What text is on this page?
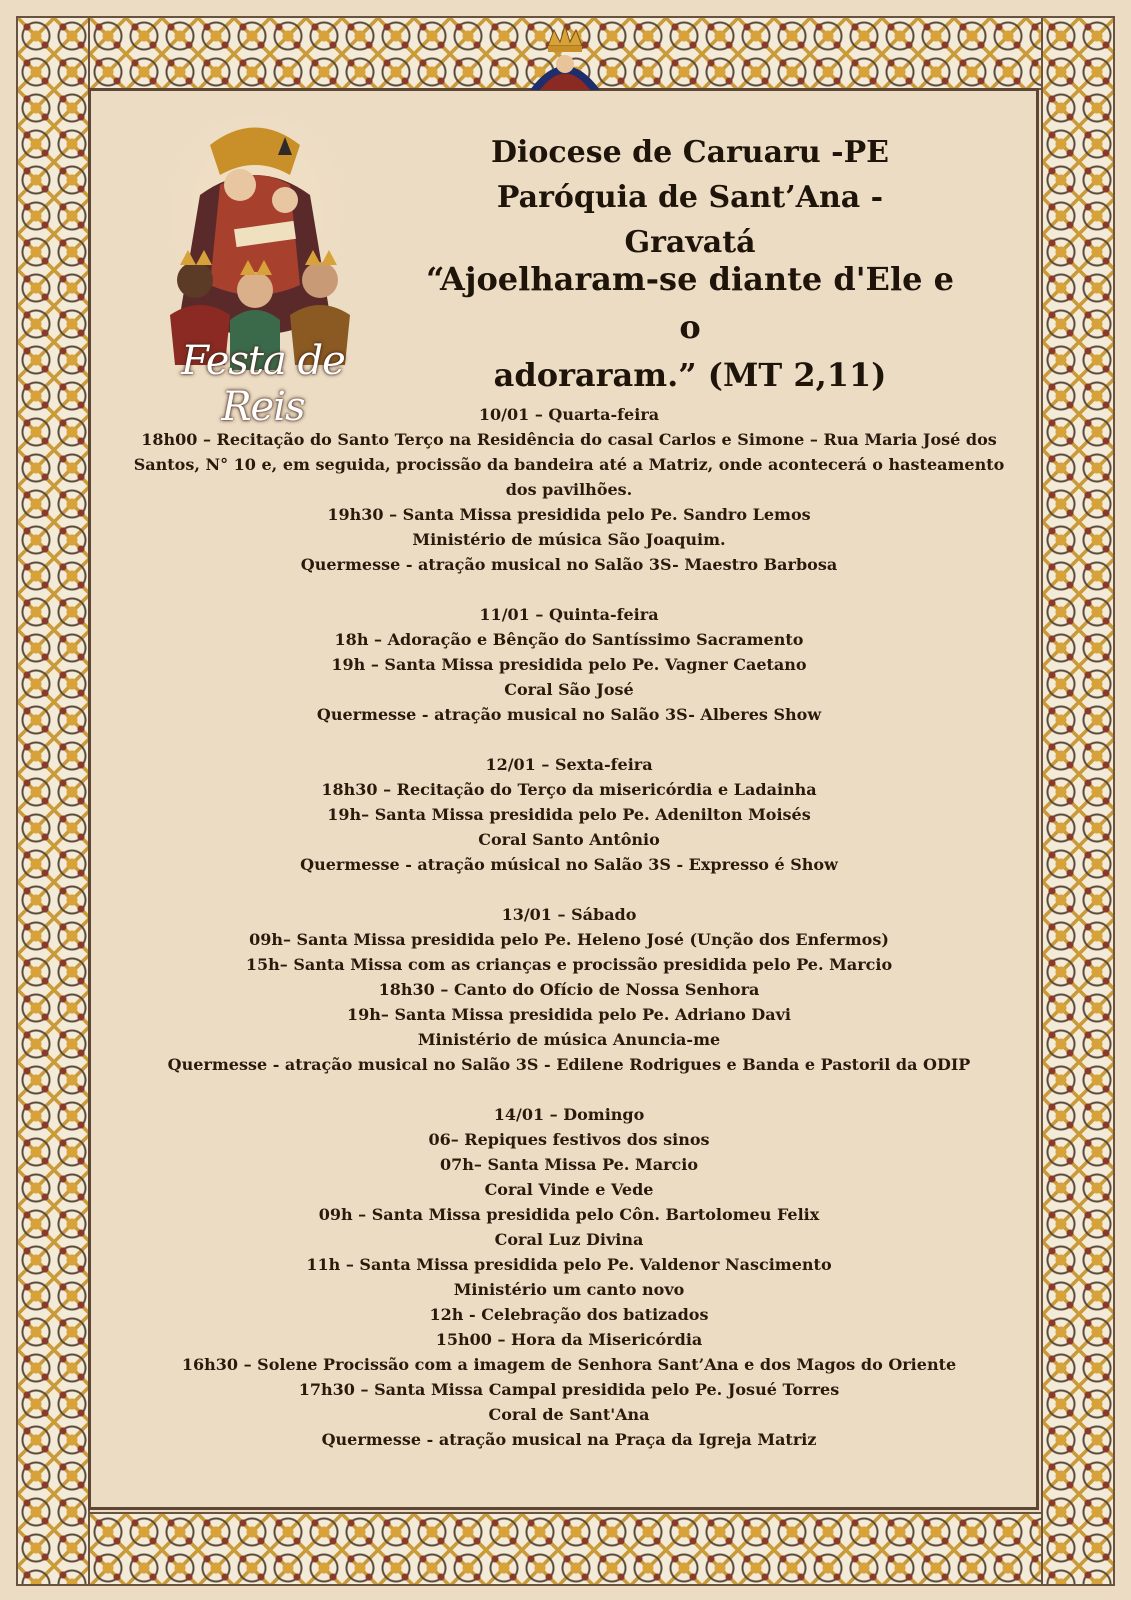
Festa de Reis
Diocese de Caruaru -PE
Paróquia de Sant’Ana - Gravatá
“Ajoelharam-se diante d'Ele e o
adoraram.” (MT 2,11)
10/01 – Quarta-feira
18h00 – Recitação do Santo Terço na Residência do casal Carlos e Simone – Rua Maria José dos Santos, N° 10 e, em seguida, procissão da bandeira até a Matriz, onde acontecerá o hasteamento dos pavilhões.
19h30 – Santa Missa presidida pelo Pe. Sandro Lemos
Ministério de música São Joaquim.
Quermesse - atração musical no Salão 3S- Maestro Barbosa
11/01 – Quinta-feira
18h – Adoração e Bênção do Santíssimo Sacramento
19h – Santa Missa presidida pelo Pe. Vagner Caetano
Coral São José
Quermesse - atração musical no Salão 3S- Alberes Show
12/01 – Sexta-feira
18h30 – Recitação do Terço da misericórdia e Ladainha
19h– Santa Missa presidida pelo Pe. Adenilton Moisés
Coral Santo Antônio
Quermesse - atração músical no Salão 3S - Expresso é Show
13/01 – Sábado
09h– Santa Missa presidida pelo Pe. Heleno José (Unção dos Enfermos)
15h– Santa Missa com as crianças e procissão presidida pelo Pe. Marcio
18h30 – Canto do Ofício de Nossa Senhora
19h– Santa Missa presidida pelo Pe. Adriano Davi
Ministério de música Anuncia-me
Quermesse - atração musical no Salão 3S - Edilene Rodrigues e Banda e Pastoril da ODIP
14/01 – Domingo
06– Repiques festivos dos sinos
07h– Santa Missa Pe. Marcio
Coral Vinde e Vede
09h – Santa Missa presidida pelo Côn. Bartolomeu Felix
Coral Luz Divina
11h – Santa Missa presidida pelo Pe. Valdenor Nascimento
Ministério um canto novo
12h - Celebração dos batizados
15h00 – Hora da Misericórdia
16h30 – Solene Procissão com a imagem de Senhora Sant’Ana e dos Magos do Oriente
17h30 – Santa Missa Campal presidida pelo Pe. Josué Torres
Coral de Sant'Ana
Quermesse - atração musical na Praça da Igreja Matriz
